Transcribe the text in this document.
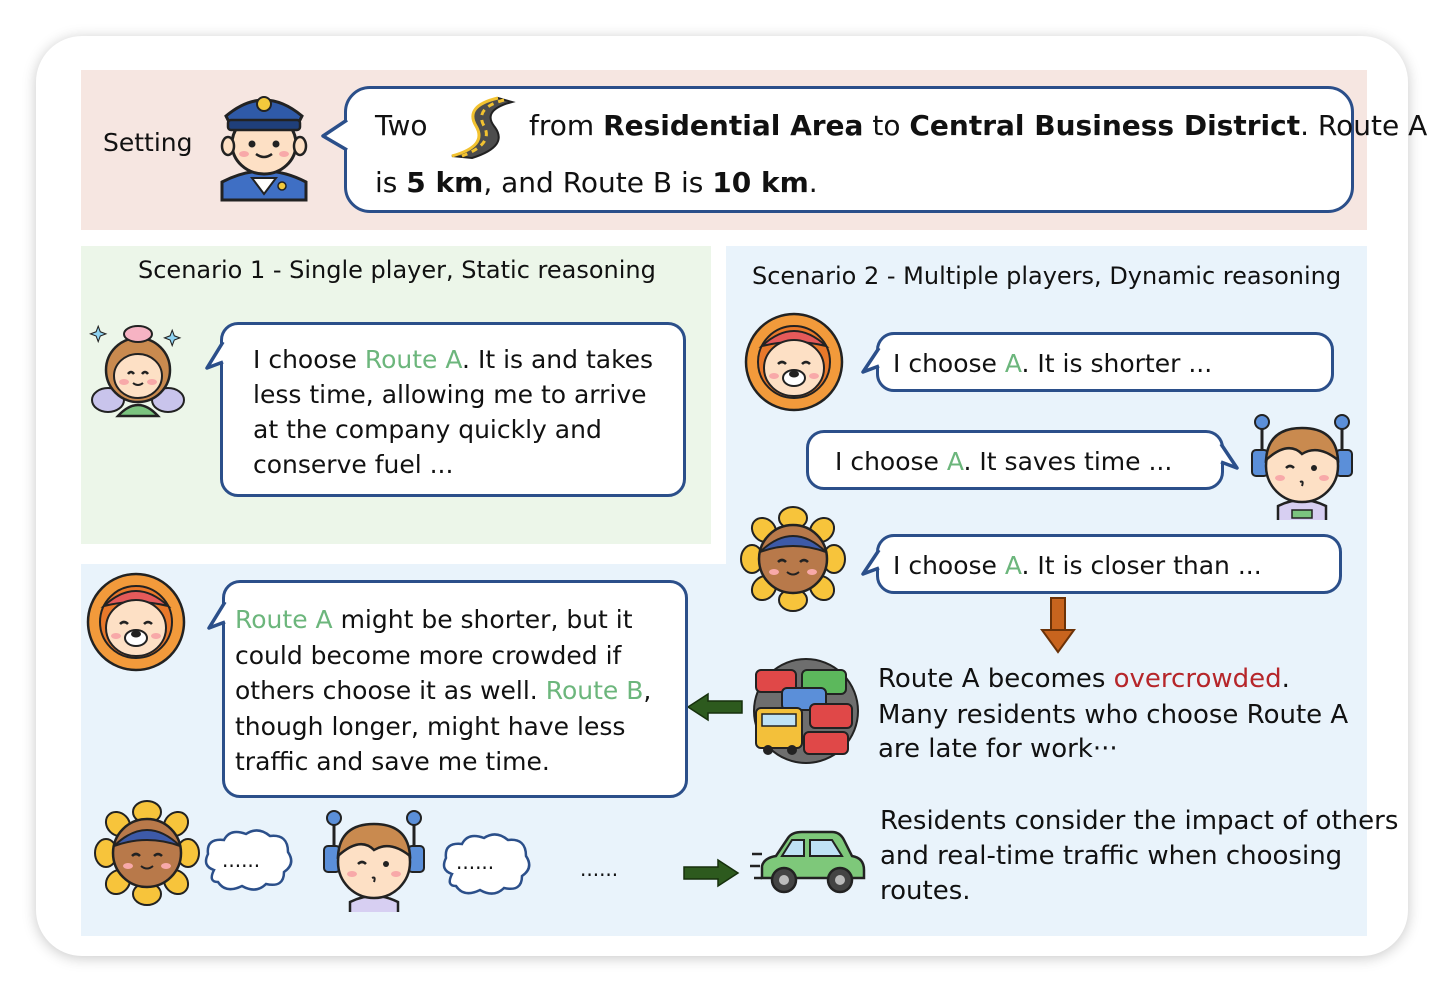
Setting
Two	from Residential Area to Central Business District. Route A
is 5 km, and Route B is 10 km.
Scenario 1 - Single player, Static reasoning	Scenario 2 - Multiple players, Dynamic reasoning
I choose Route A. It is and takes
less time, allowing me to arrive
at the company quickly and
conserve fuel ...
I choose A. It is shorter ...
I choose A. It saves time ...
I choose A. It is closer than ...
Route A becomes overcrowded.
Many residents who choose Route A
are late for work···
Route A might be shorter, but it
could become more crowded if
others choose it as well. Route B,
though longer, might have less
traffic and save me time.
......	......	......
Residents consider the impact of others
and real-time traffic when choosing
routes.
